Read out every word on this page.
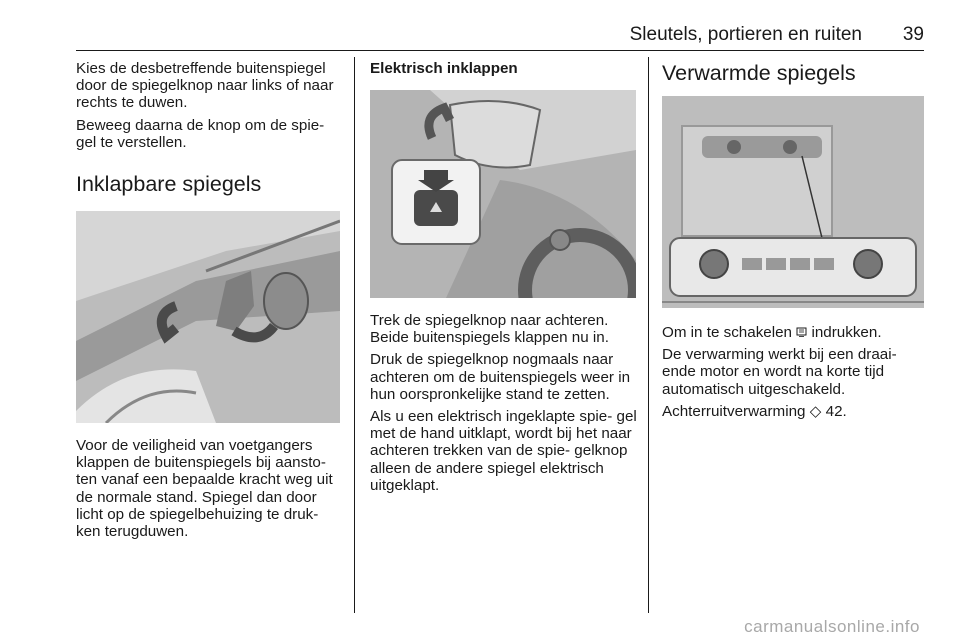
Sleutels, portieren en ruiten 39

Kies de desbetreffende buitenspiegel door de spiegelknop naar links of naar rechts te duwen.

Beweeg daarna de knop om de spie- gel te verstellen.

Inklapbare spiegels

Voor de veiligheid van voetgangers klappen de buitenspiegels bij aansto- ten vanaf een bepaalde kracht weg uit de normale stand. Spiegel dan door licht op de spiegelbehuizing te druk- ken terugduwen.

Elektrisch inklappen

Trek de spiegelknop naar achteren. Beide buitenspiegels klappen nu in.

Druk de spiegelknop nogmaals naar achteren om de buitenspiegels weer in hun oorspronkelijke stand te zetten.

Als u een elektrisch ingeklapte spie- gel met de hand uitklapt, wordt bij het naar achteren trekken van de spie- gelknop alleen de andere spiegel elektrisch uitgeklapt.

Verwarmde spiegels

Om in te schakelen indrukken.

De verwarming werkt bij een draai- ende motor en wordt na korte tijd automatisch uitgeschakeld.

Achterruitverwarming ◇ 42.

carmanualsonline.info
